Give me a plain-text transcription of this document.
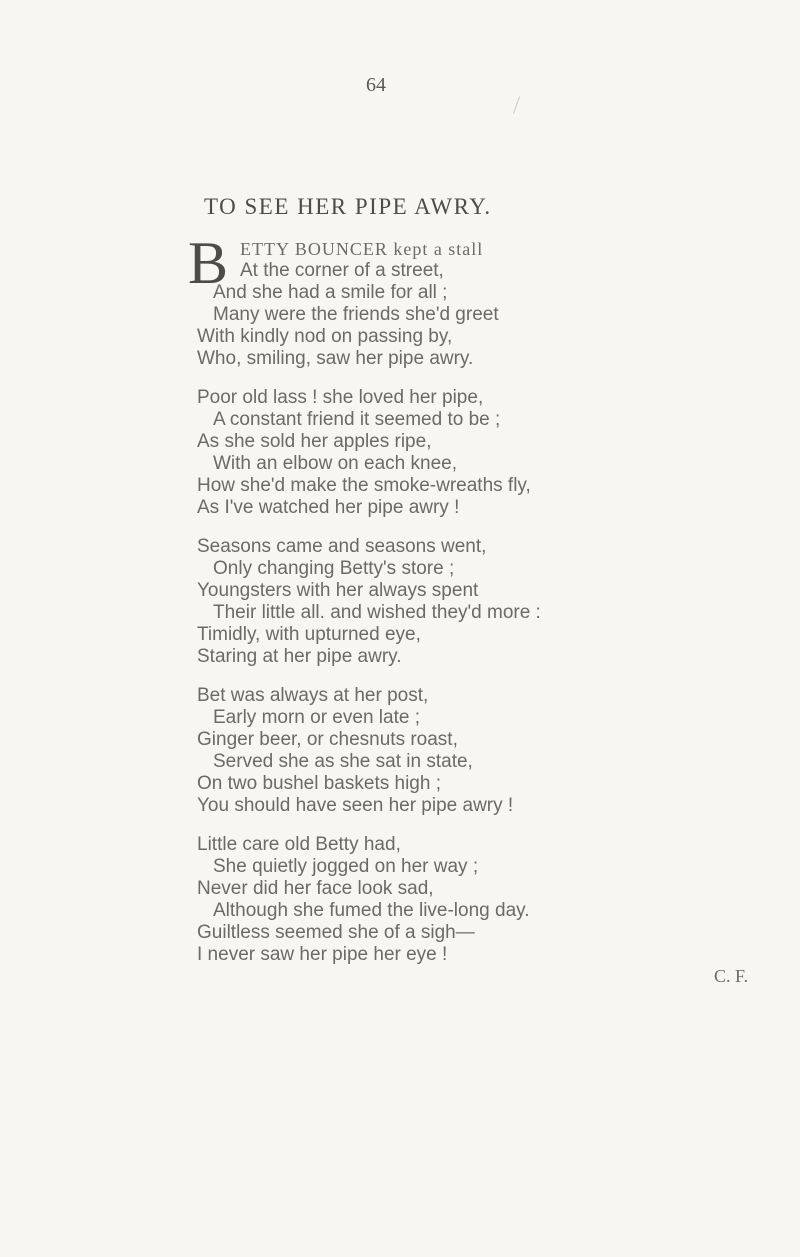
64
TO SEE HER PIPE AWRY.
B ETTY BOUNCER kept a stall
At the corner of a street,
And she had a smile for all ;
Many were the friends she'd greet
With kindly nod on passing by,
Who, smiling, saw her pipe awry.
Poor old lass ! she loved her pipe,
A constant friend it seemed to be ;
As she sold her apples ripe,
With an elbow on each knee,
How she'd make the smoke-wreaths fly,
As I've watched her pipe awry !
Seasons came and seasons went,
Only changing Betty's store ;
Youngsters with her always spent
Their little all. and wished they'd more :
Timidly, with upturned eye,
Staring at her pipe awry.
Bet was always at her post,
Early morn or even late ;
Ginger beer, or chesnuts roast,
Served she as she sat in state,
On two bushel baskets high ;
You should have seen her pipe awry !
Little care old Betty had,
She quietly jogged on her way ;
Never did her face look sad,
Although she fumed the live-long day.
Guiltless seemed she of a sigh—
I never saw her pipe her eye !
C. F.
